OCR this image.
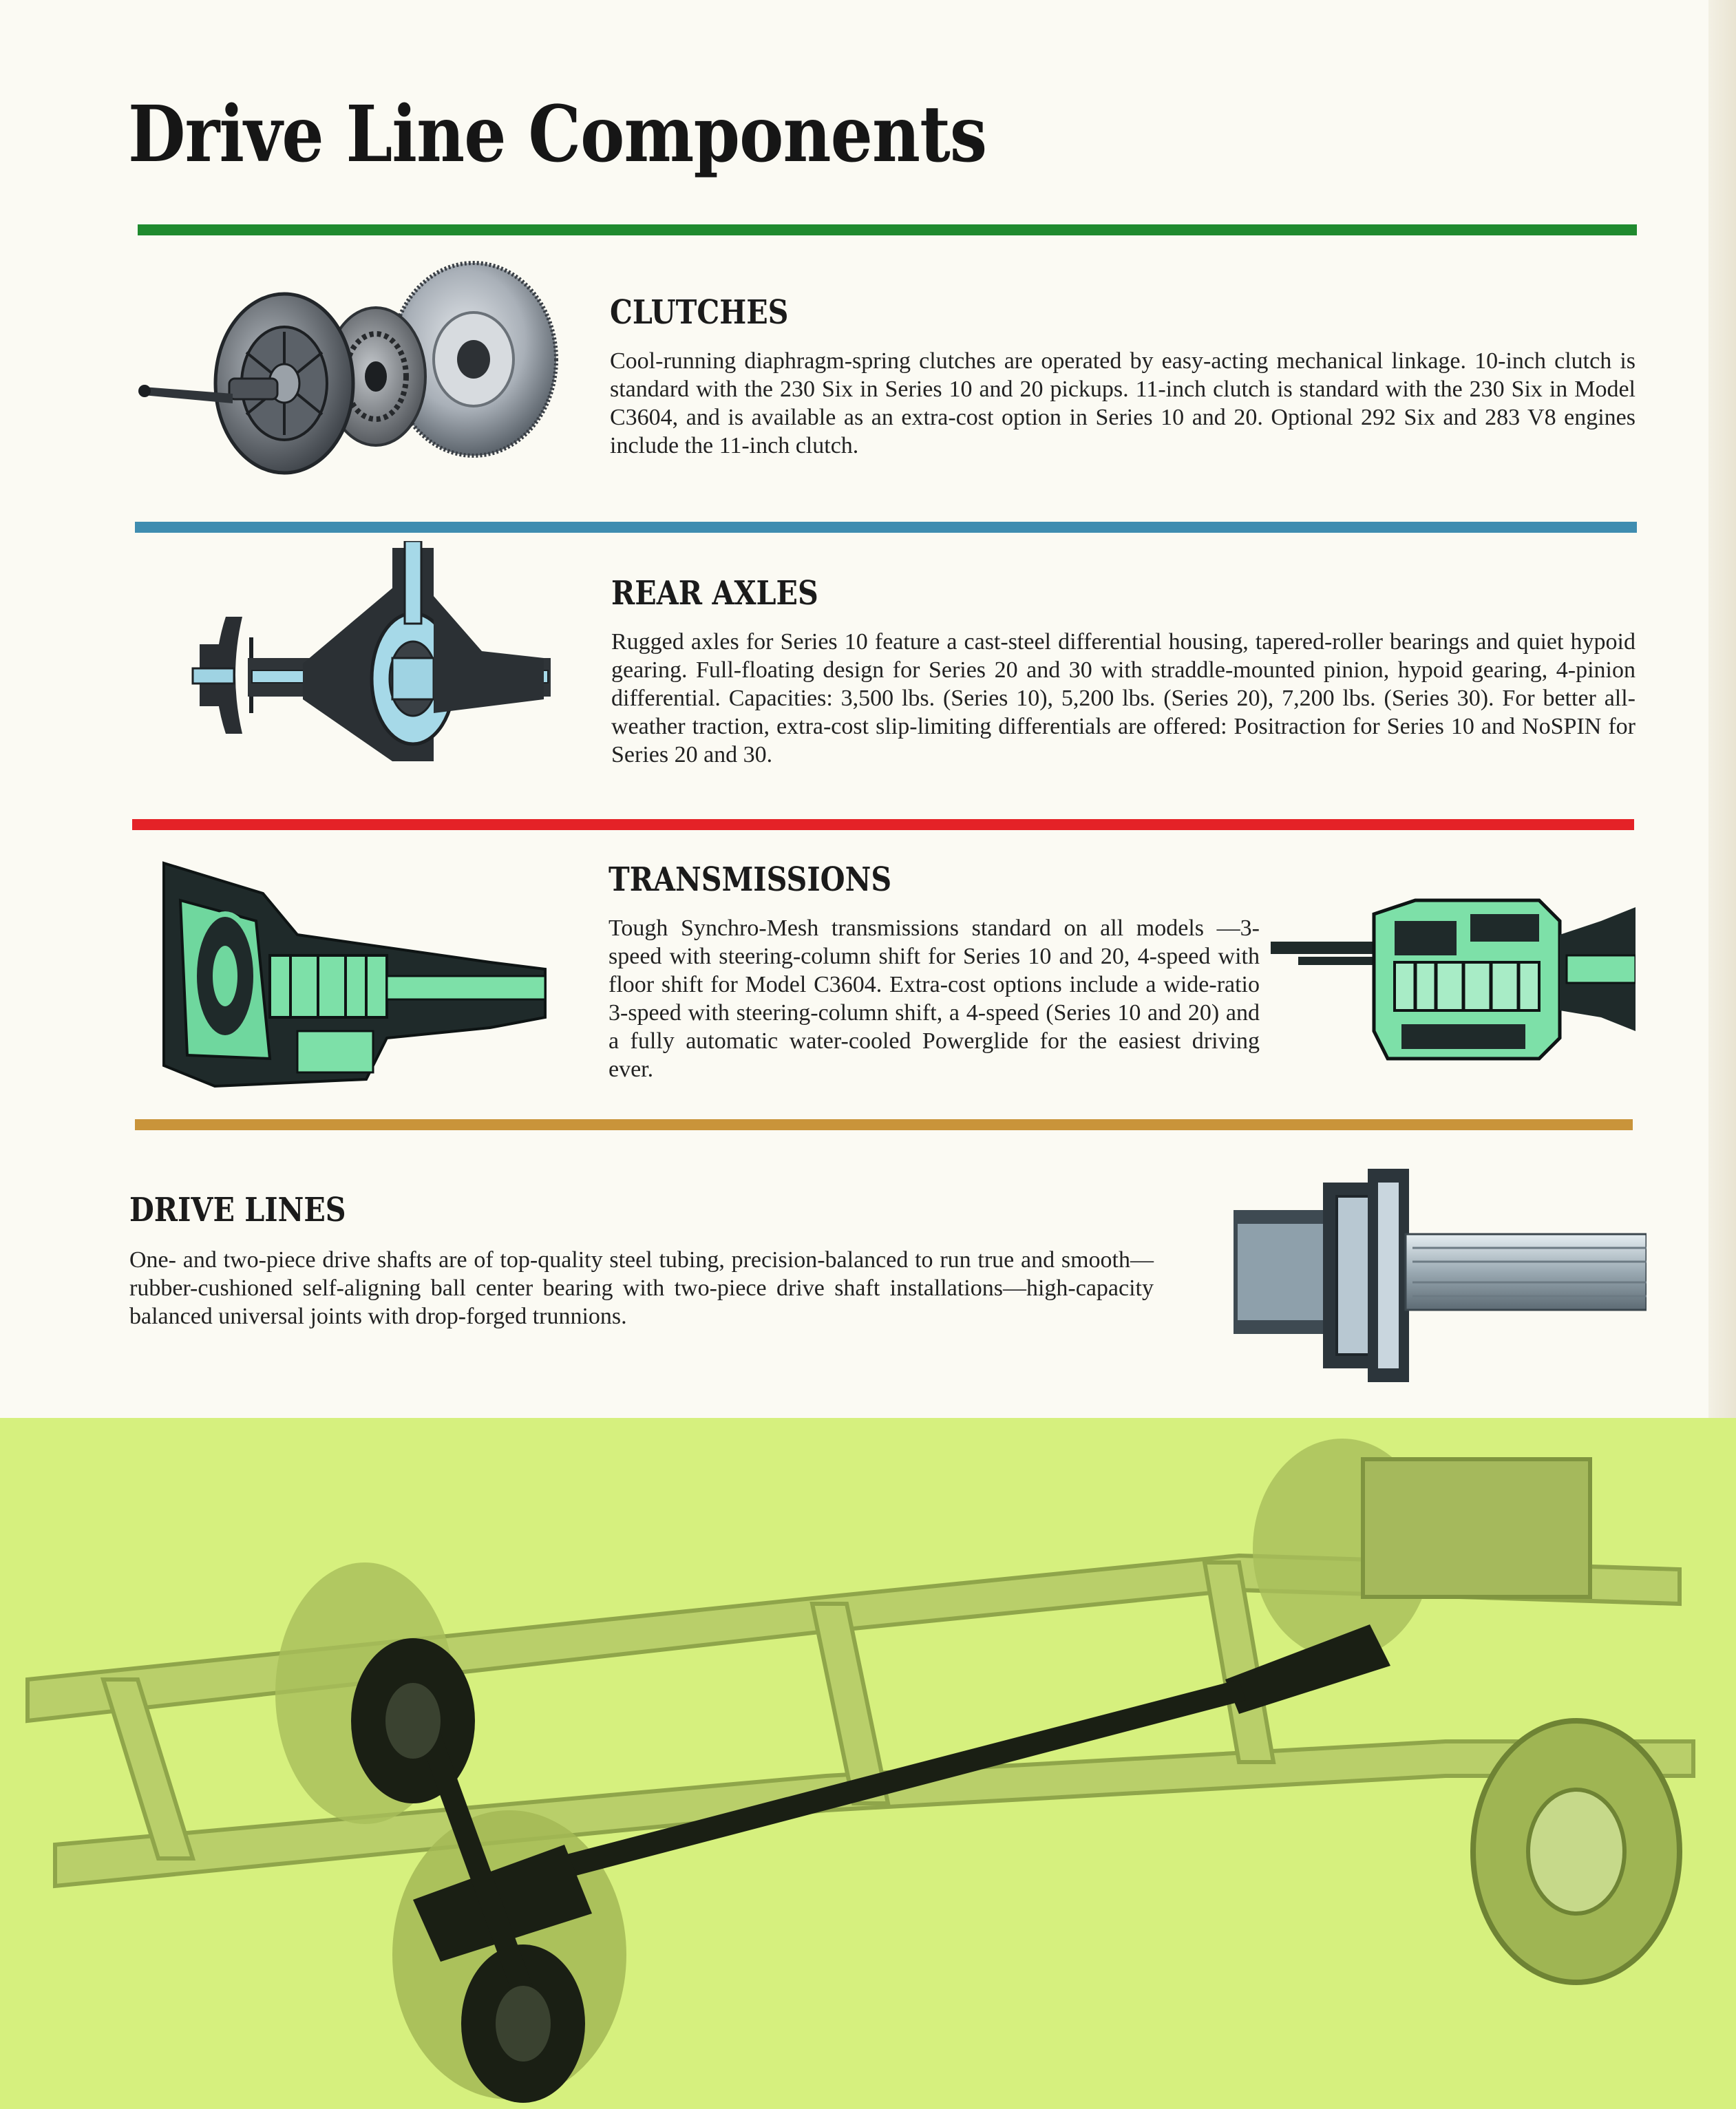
Drive Line Components
CLUTCHES

Cool-running diaphragm-spring clutches are operated by easy-acting mechanical linkage. 10-inch clutch is standard with the 230 Six in Series 10 and 20 pickups. 11-inch clutch is standard with the 230 Six in Model C3604, and is available as an extra-cost option in Series 10 and 20. Optional 292 Six and 283 V8 engines include the 11-inch clutch.

REAR AXLES

Rugged axles for Series 10 feature a cast-steel differential housing, tapered-roller bearings and quiet hypoid gearing. Full-floating design for Series 20 and 30 with straddle-mounted pinion, hypoid gearing, 4-pinion differential. Capacities: 3,500 lbs. (Series 10), 5,200 lbs. (Series 20), 7,200 lbs. (Series 30). For better all-weather traction, extra-cost slip-limiting differentials are offered: Positraction for Series 10 and NoSPIN for Series 20 and 30.

TRANSMISSIONS

Tough Synchro-Mesh transmissions standard on all models —3-speed with steering-column shift for Series 10 and 20, 4-speed with floor shift for Model C3604. Extra-cost options include a wide-ratio 3-speed with steering-column shift, a 4-speed (Series 10 and 20) and a fully automatic water-cooled Powerglide for the easiest driving ever.

DRIVE LINES

One- and two-piece drive shafts are of top-quality steel tubing, precision-balanced to run true and smooth—rubber-cushioned self-aligning ball center bearing with two-piece drive shaft installations—high-capacity balanced universal joints with drop-forged trunnions.
